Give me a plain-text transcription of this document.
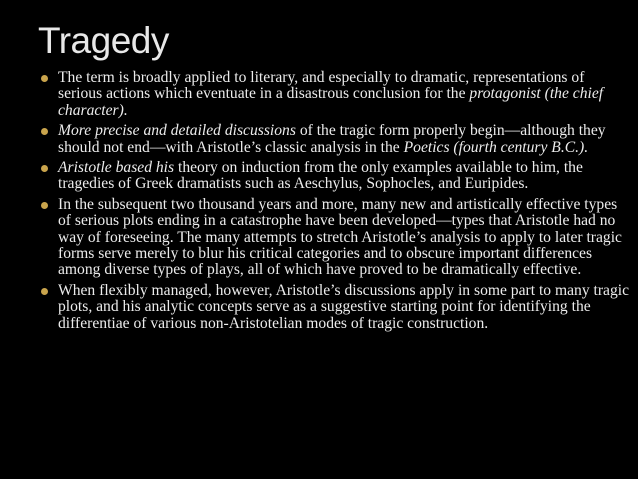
Tragedy
The term is broadly applied to literary, and especially to dramatic, representations of serious actions which eventuate in a disastrous conclusion for the protagonist (the chief character).
More precise and detailed discussions of the tragic form properly begin—although they should not end—with Aristotle’s classic analysis in the Poetics (fourth century B.C.).
Aristotle based his theory on induction from the only examples available to him, the tragedies of Greek dramatists such as Aeschylus, Sophocles, and Euripides.
In the subsequent two thousand years and more, many new and artistically effective types of serious plots ending in a catastrophe have been developed—types that Aristotle had no way of foreseeing. The many attempts to stretch Aristotle’s analysis to apply to later tragic forms serve merely to blur his critical categories and to obscure important differences among diverse types of plays, all of which have proved to be dramatically effective.
When flexibly managed, however, Aristotle’s discussions apply in some part to many tragic plots, and his analytic concepts serve as a suggestive starting point for identifying the differentiae of various non-Aristotelian modes of tragic construction.
